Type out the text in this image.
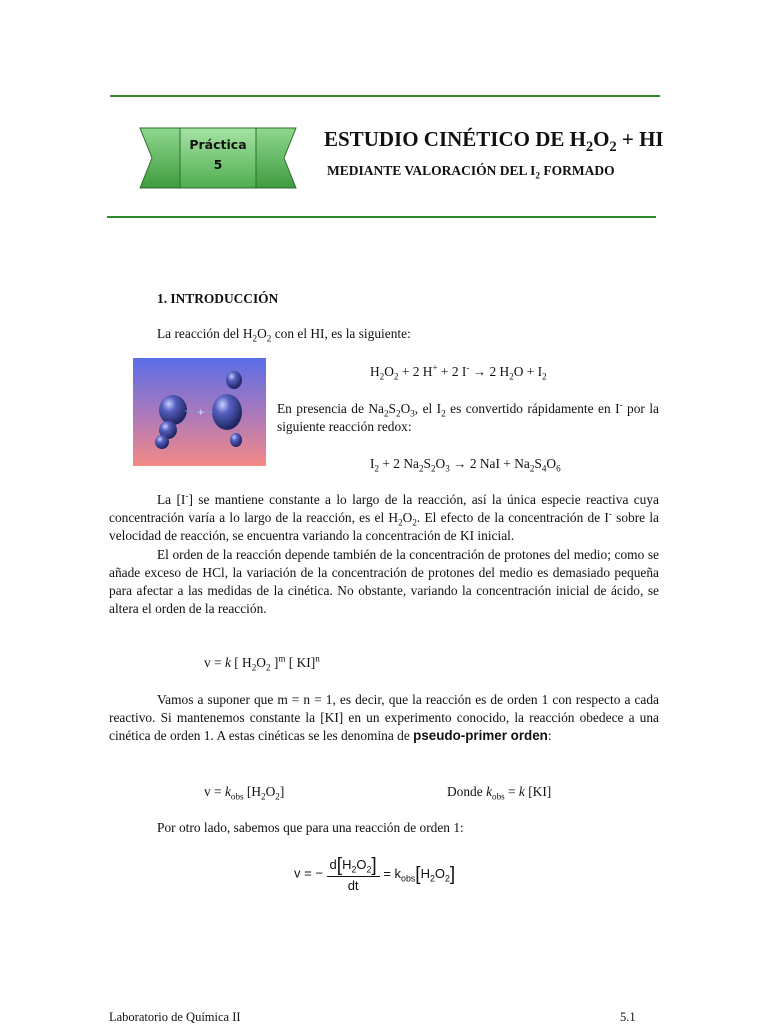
Práctica
5
ESTUDIO CINÉTICO DE $H_2O_2$ + HI
MEDIANTE VALORACIÓN DEL $I_2$ FORMADO
1. INTRODUCCIÓN
La reacción del $H_2O_2$ con el HI, es la siguiente:
+
$H_2O_2 + 2$ H+ + 2 I- → 2 $H_2O + I_2$
En presencia de $Na_2S_2O_3$, el $I_2$ es convertido rápidamente en I- por la siguiente reacción redox:
$I_2 + 2$ $Na_2S_2O_3 \to 2$ NaI + $Na_2S_4O_6$

La [I-] se mantiene constante a lo largo de la reacción, así la única especie reactiva cuya concentración varía a lo largo de la reacción, es el $H_2O_2$. El efecto de la concentración de I- sobre la velocidad de reacción, se encuentra variando la concentración de KI inicial.

El orden de la reacción depende también de la concentración de protones del medio; como se añade exceso de HCl, la variación de la concentración de protones del medio es demasiado pequeña para afectar a las medidas de la cinética. No obstante, variando la concentración inicial de ácido, se altera el orden de la reacción.

v = k [ $H_2O_2$ ]$^m$ [ KI]$^n$

Vamos a suponer que m = n = 1, es decir, que la reacción es de orden 1 con respecto a cada reactivo. Si mantenemos constante la [KI] en un experimento conocido, la reacción obedece a una cinética de orden 1. A estas cinéticas se les denomina de pseudo-primer orden:

$v = k_{obs}$ $[H_2O_2]$	Donde $k_{obs} = k$ [KI]
Por otro lado, sabemos que para una reacción de orden 1:
v = − $\frac{d[H_2O_2]}{dt} = k_{obs}[H_2O_2]$
Laboratorio de Química II	5.1
